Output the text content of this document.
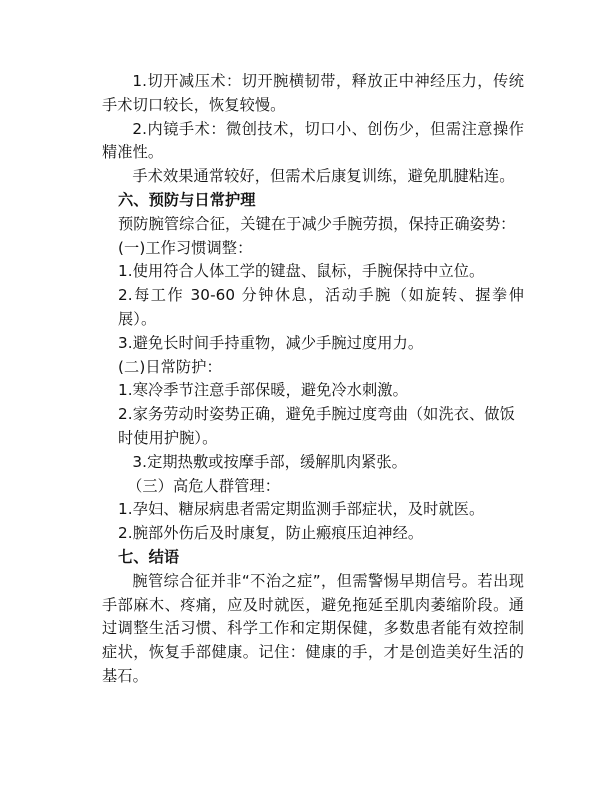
1.切开减压术：切开腕横韧带，释放正中神经压力，传统手术切口较长，恢复较慢。

2.内镜手术：微创技术，切口小、创伤少，但需注意操作精准性。

手术效果通常较好，但需术后康复训练，避免肌腱粘连。

六、预防与日常护理

预防腕管综合征，关键在于减少手腕劳损，保持正确姿势：

(一)工作习惯调整：

1.使用符合人体工学的键盘、鼠标，手腕保持中立位。

2.每工作 30-60 分钟休息，活动手腕（如旋转、握拳伸展）。

3.避免长时间手持重物，减少手腕过度用力。

(二)日常防护：

1.寒冷季节注意手部保暖，避免冷水刺激。

2.家务劳动时姿势正确，避免手腕过度弯曲（如洗衣、做饭时使用护腕）。

3.定期热敷或按摩手部，缓解肌肉紧张。

（三）高危人群管理：

1.孕妇、糖尿病患者需定期监测手部症状，及时就医。

2.腕部外伤后及时康复，防止瘢痕压迫神经。

七、结语

腕管综合征并非“不治之症”，但需警惕早期信号。若出现手部麻木、疼痛，应及时就医，避免拖延至肌肉萎缩阶段。通过调整生活习惯、科学工作和定期保健，多数患者能有效控制症状，恢复手部健康。记住：健康的手，才是创造美好生活的基石。
